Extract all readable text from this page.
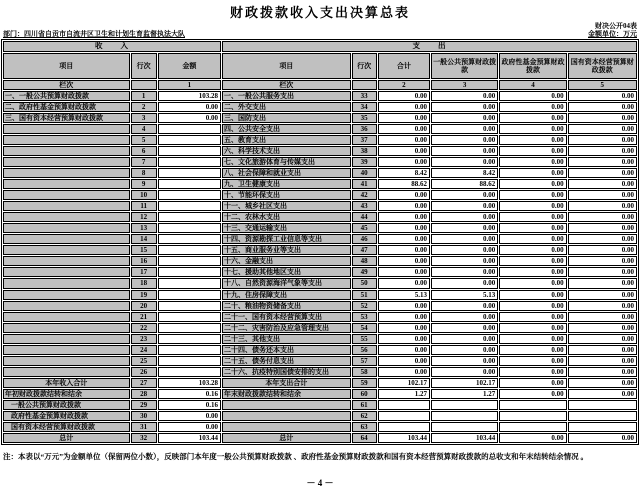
财政拨款收入支出决算总表
财决公开04表
部门：四川省自贡市自流井区卫生和计划生育监督执法大队	金额单位：万元
收　　入			支　　出					
项目	行次	金额	项目	行次	合计	一般公共预算财政拨款	政府性基金预算财政拨款	国有资本经营预算财政拨款
栏次		1	栏次		2	3	4	5
一、一般公共预算财政拨款	1	103.28	一、一般公共服务支出	33	0.00	0.00	0.00	0.00
二、政府性基金预算财政拨款	2	0.00	二、外交支出	34	0.00	0.00	0.00	0.00
三、国有资本经营预算财政拨款	3	0.00	三、国防支出	35	0.00	0.00	0.00	0.00
	4		四、公共安全支出	36	0.00	0.00	0.00	0.00
	5		五、教育支出	37	0.00	0.00	0.00	0.00
	6		六、科学技术支出	38	0.00	0.00	0.00	0.00
	7		七、文化旅游体育与传媒支出	39	0.00	0.00	0.00	0.00
	8		八、社会保障和就业支出	40	8.42	8.42	0.00	0.00
	9		九、卫生健康支出	41	88.62	88.62	0.00	0.00
	10		十、节能环保支出	42	0.00	0.00	0.00	0.00
	11		十一、城乡社区支出	43	0.00	0.00	0.00	0.00
	12		十二、农林水支出	44	0.00	0.00	0.00	0.00
	13		十三、交通运输支出	45	0.00	0.00	0.00	0.00
	14		十四、资源勘探工业信息等支出	46	0.00	0.00	0.00	0.00
	15		十五、商业服务业等支出	47	0.00	0.00	0.00	0.00
	16		十六、金融支出	48	0.00	0.00	0.00	0.00
	17		十七、援助其他地区支出	49	0.00	0.00	0.00	0.00
	18		十八、自然资源海洋气象等支出	50	0.00	0.00	0.00	0.00
	19		十九、住房保障支出	51	5.13	5.13	0.00	0.00
	20		二十、粮油物资储备支出	52	0.00	0.00	0.00	0.00
	21		二十一、国有资本经营预算支出	53	0.00	0.00	0.00	0.00
	22		二十二、灾害防治及应急管理支出	54	0.00	0.00	0.00	0.00
	23		二十三、其他支出	55	0.00	0.00	0.00	0.00
	24		二十四、债务还本支出	56	0.00	0.00	0.00	0.00
	25		二十五、债务付息支出	57	0.00	0.00	0.00	0.00
	26		二十六、抗疫特别国债安排的支出	58	0.00	0.00	0.00	0.00
本年收入合计	27	103.28	本年支出合计	59	102.17	102.17	0.00	0.00
年初财政拨款结转和结余	28	0.16	年末财政拨款结转和结余	60	1.27	1.27	0.00	0.00
一般公共预算财政拨款	29	0.16		61				
政府性基金预算财政拨款	30	0.00		62				
国有资本经营预算财政拨款	31	0.00		63				
总计	32	103.44	总计	64	103.44	103.44	0.00	0.00
注：本表以“万元”为金额单位（保留两位小数），反映部门本年度一般公共预算财政拨款 、政府性基金预算财政拨款和国有资本经营预算财政拨款的总收支和年末结转结余情况 。
－ 4 －
